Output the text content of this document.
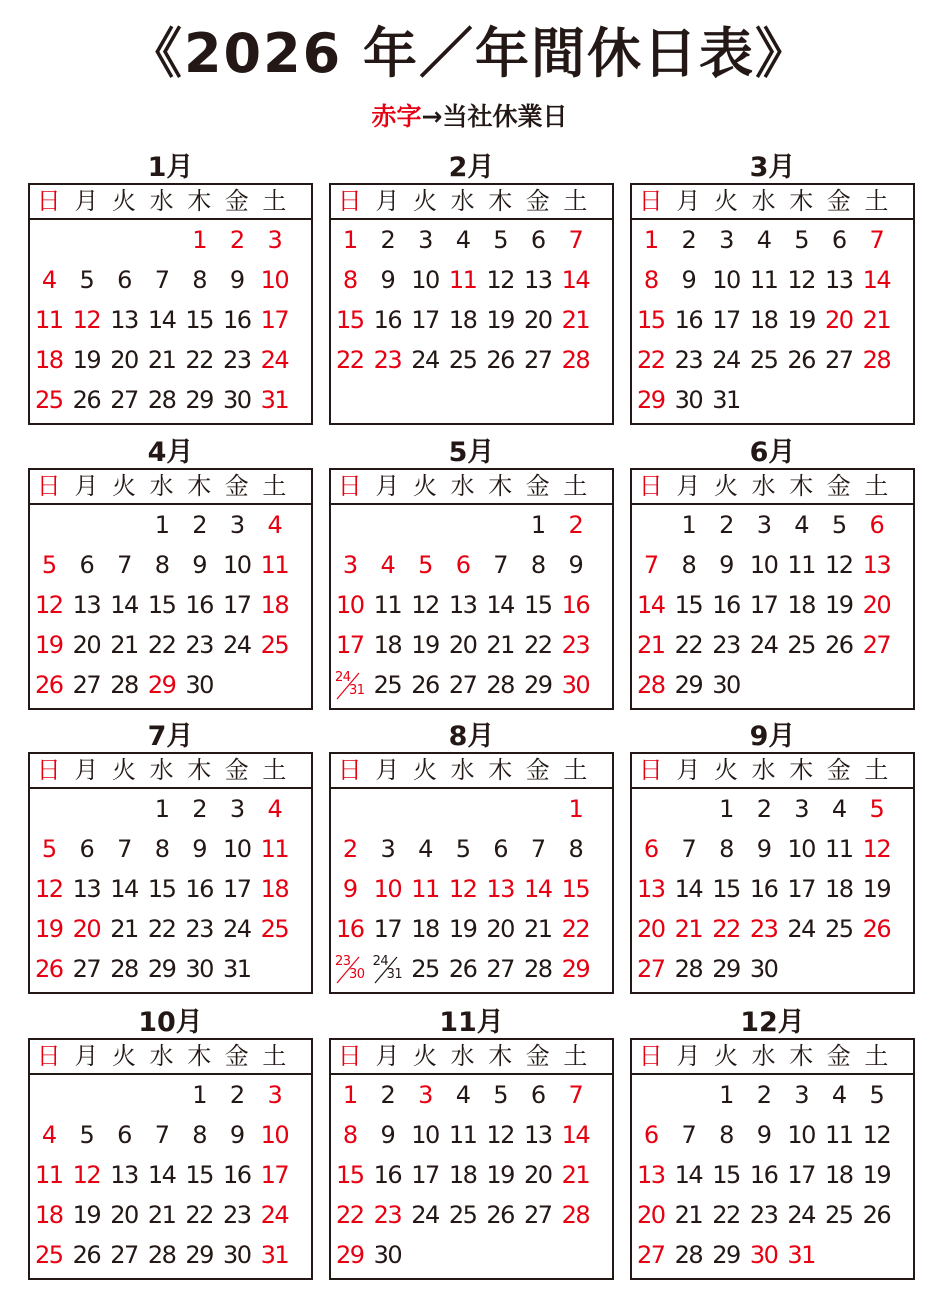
《2026 年／年間休日表》
赤字→当社休業日
1月
日 月 火 水 木 金 土
1 2 3
4 5 6 7 8 9 10
11 12 13 14 15 16 17
18 19 20 21 22 23 24
25 26 27 28 29 30 31
2月
日 月 火 水 木 金 土
1 2 3 4 5 6 7
8 9 10 11 12 13 14
15 16 17 18 19 20 21
22 23 24 25 26 27 28
3月
日 月 火 水 木 金 土
1 2 3 4 5 6 7
8 9 10 11 12 13 14
15 16 17 18 19 20 21
22 23 24 25 26 27 28
29 30 31
4月
日 月 火 水 木 金 土
1 2 3 4
5 6 7 8 9 10 11
12 13 14 15 16 17 18
19 20 21 22 23 24 25
26 27 28 29 30
5月
日 月 火 水 木 金 土
1 2
3 4 5 6 7 8 9
10 11 12 13 14 15 16
17 18 19 20 21 22 23
24
31 25 26 27 28 29 30
6月
日 月 火 水 木 金 土
1 2 3 4 5 6
7 8 9 10 11 12 13
14 15 16 17 18 19 20
21 22 23 24 25 26 27
28 29 30
7月
日 月 火 水 木 金 土
1 2 3 4
5 6 7 8 9 10 11
12 13 14 15 16 17 18
19 20 21 22 23 24 25
26 27 28 29 30 31
8月
日 月 火 水 木 金 土
1
2 3 4 5 6 7 8
9 10 11 12 13 14 15
16 17 18 19 20 21 22
23
30
24
31 25 26 27 28 29
9月
日 月 火 水 木 金 土
1 2 3 4 5
6 7 8 9 10 11 12
13 14 15 16 17 18 19
20 21 22 23 24 25 26
27 28 29 30
10月
日 月 火 水 木 金 土
1 2 3
4 5 6 7 8 9 10
11 12 13 14 15 16 17
18 19 20 21 22 23 24
25 26 27 28 29 30 31
11月
日 月 火 水 木 金 土
1 2 3 4 5 6 7
8 9 10 11 12 13 14
15 16 17 18 19 20 21
22 23 24 25 26 27 28
29 30
12月
日 月 火 水 木 金 土
1 2 3 4 5
6 7 8 9 10 11 12
13 14 15 16 17 18 19
20 21 22 23 24 25 26
27 28 29 30 31
